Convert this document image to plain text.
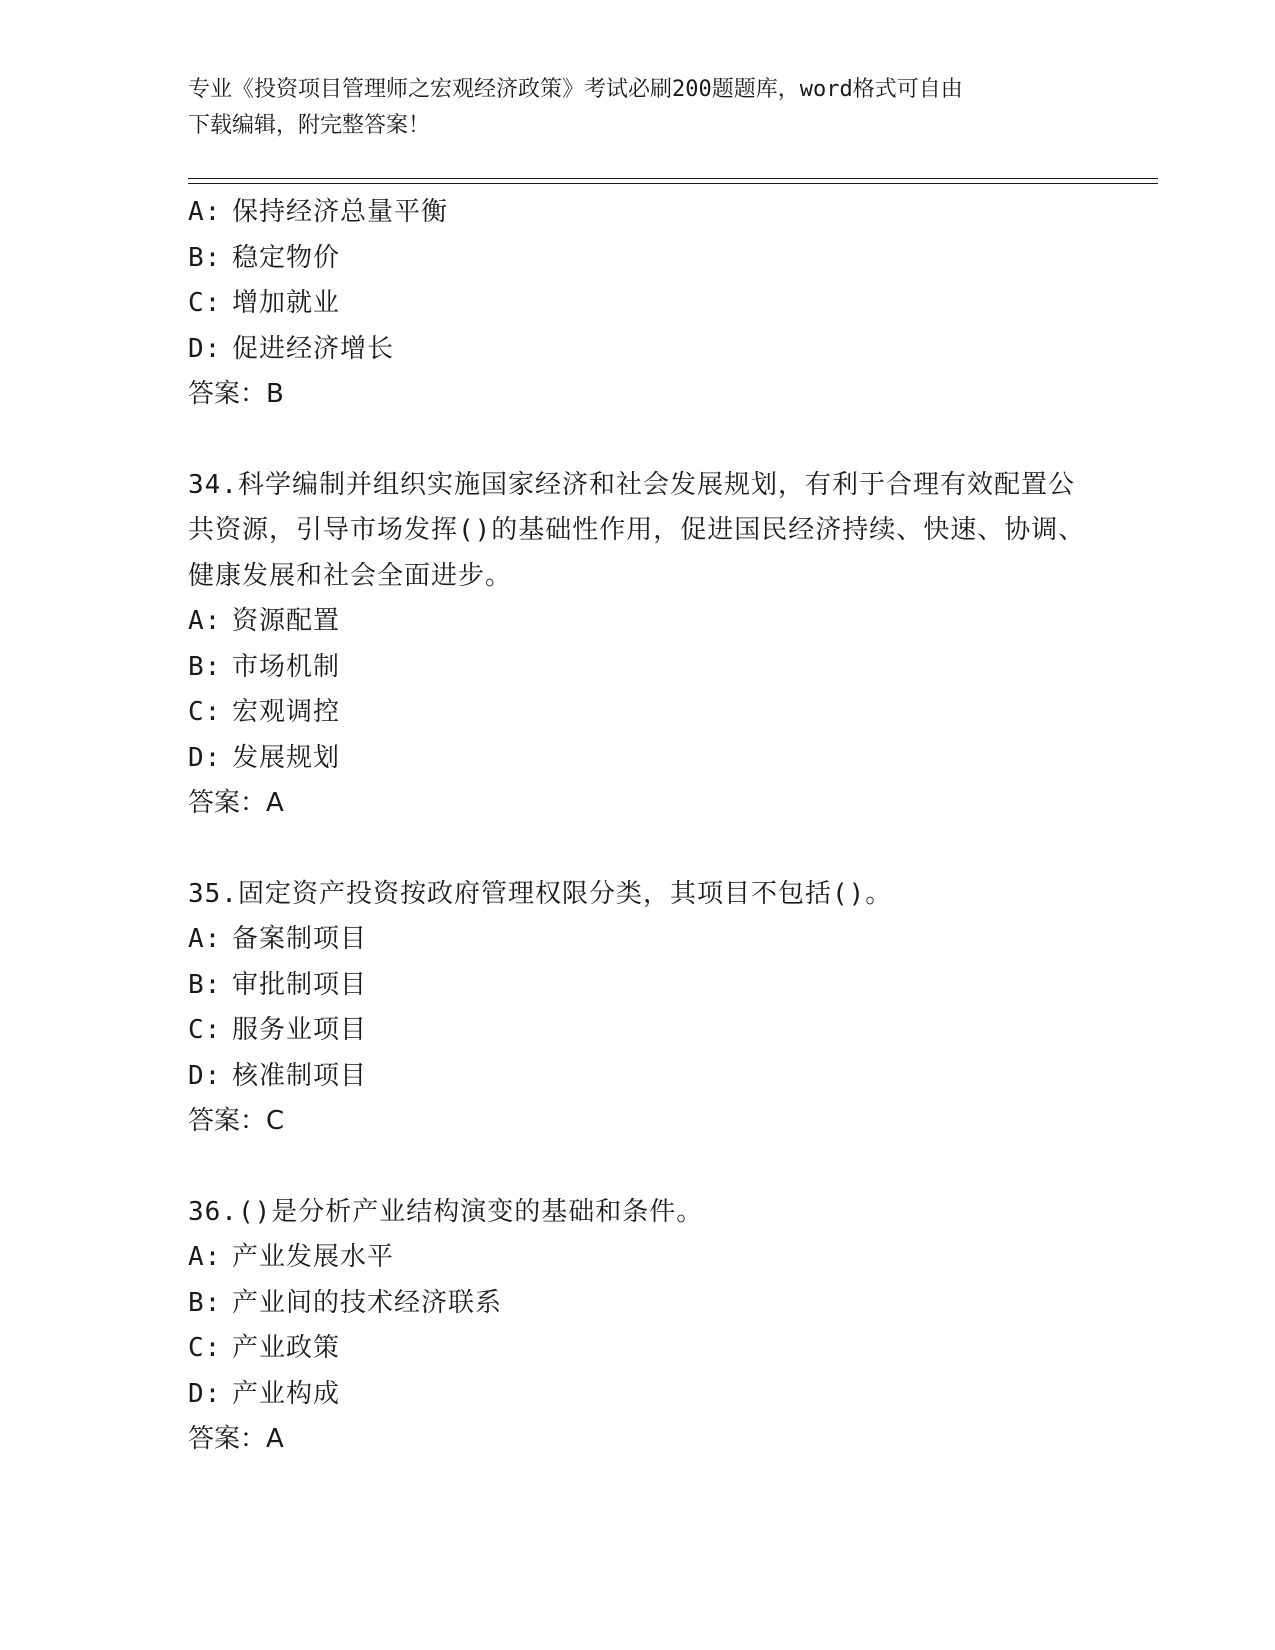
专业《投资项目管理师之宏观经济政策》考试必刷200题题库，word格式可自由

下载编辑，附完整答案！

A: 保持经济总量平衡
B: 稳定物价
C: 增加就业
D: 促进经济增长

答案：B

34.科学编制并组织实施国家经济和社会发展规划，有利于合理有效配置公共资源，引导市场发挥()的基础性作用，促进国民经济持续、快速、协调、健康发展和社会全面进步。

A: 资源配置
B: 市场机制
C: 宏观调控
D: 发展规划

答案：A

35.固定资产投资按政府管理权限分类，其项目不包括()。

A: 备案制项目
B: 审批制项目
C: 服务业项目
D: 核准制项目

答案：C

36.()是分析产业结构演变的基础和条件。

A: 产业发展水平
B: 产业间的技术经济联系
C: 产业政策
D: 产业构成

答案：A
